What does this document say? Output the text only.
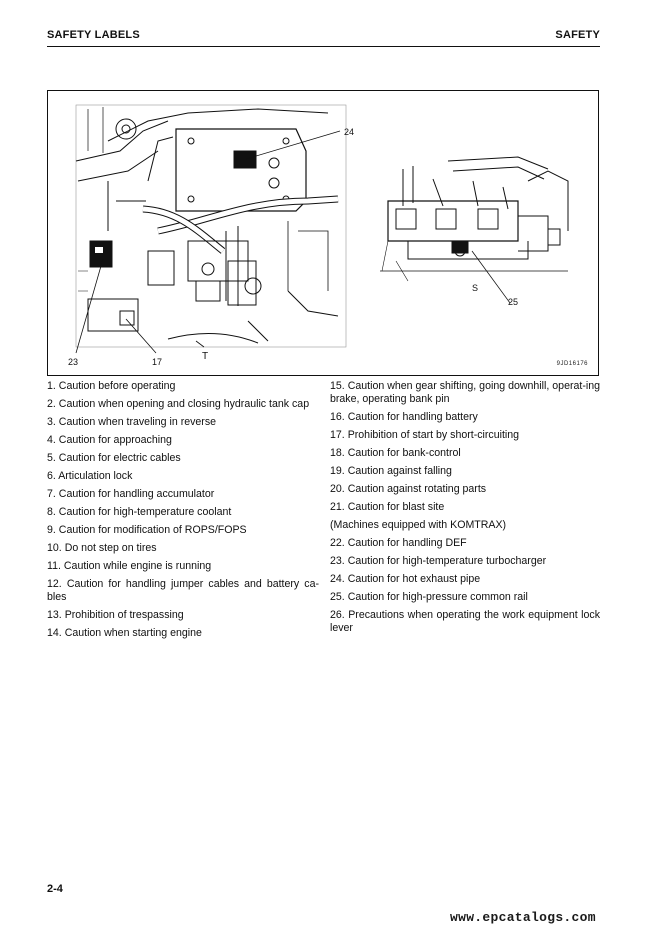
SAFETY LABELS	SAFETY
24
23	17	T
S
25
9JD16176
1. Caution before operating
2. Caution when opening and closing hydraulic tank cap
3. Caution when traveling in reverse
4. Caution for approaching
5. Caution for electric cables
6. Articulation lock
7. Caution for handling accumulator
8. Caution for high-temperature coolant
9. Caution for modification of ROPS/FOPS
10. Do not step on tires
11. Caution while engine is running
12. Caution for handling jumper cables and battery ca-bles
13. Prohibition of trespassing
14. Caution when starting engine
15. Caution when gear shifting, going downhill, operat-ing brake, operating bank pin
16. Caution for handling battery
17. Prohibition of start by short-circuiting
18. Caution for bank-control
19. Caution against falling
20. Caution against rotating parts
21. Caution for blast site
(Machines equipped with KOMTRAX)
22. Caution for handling DEF
23. Caution for high-temperature turbocharger
24. Caution for hot exhaust pipe
25. Caution for high-pressure common rail
26. Precautions when operating the work equipment lock lever
2-4
www.epcatalogs.com
